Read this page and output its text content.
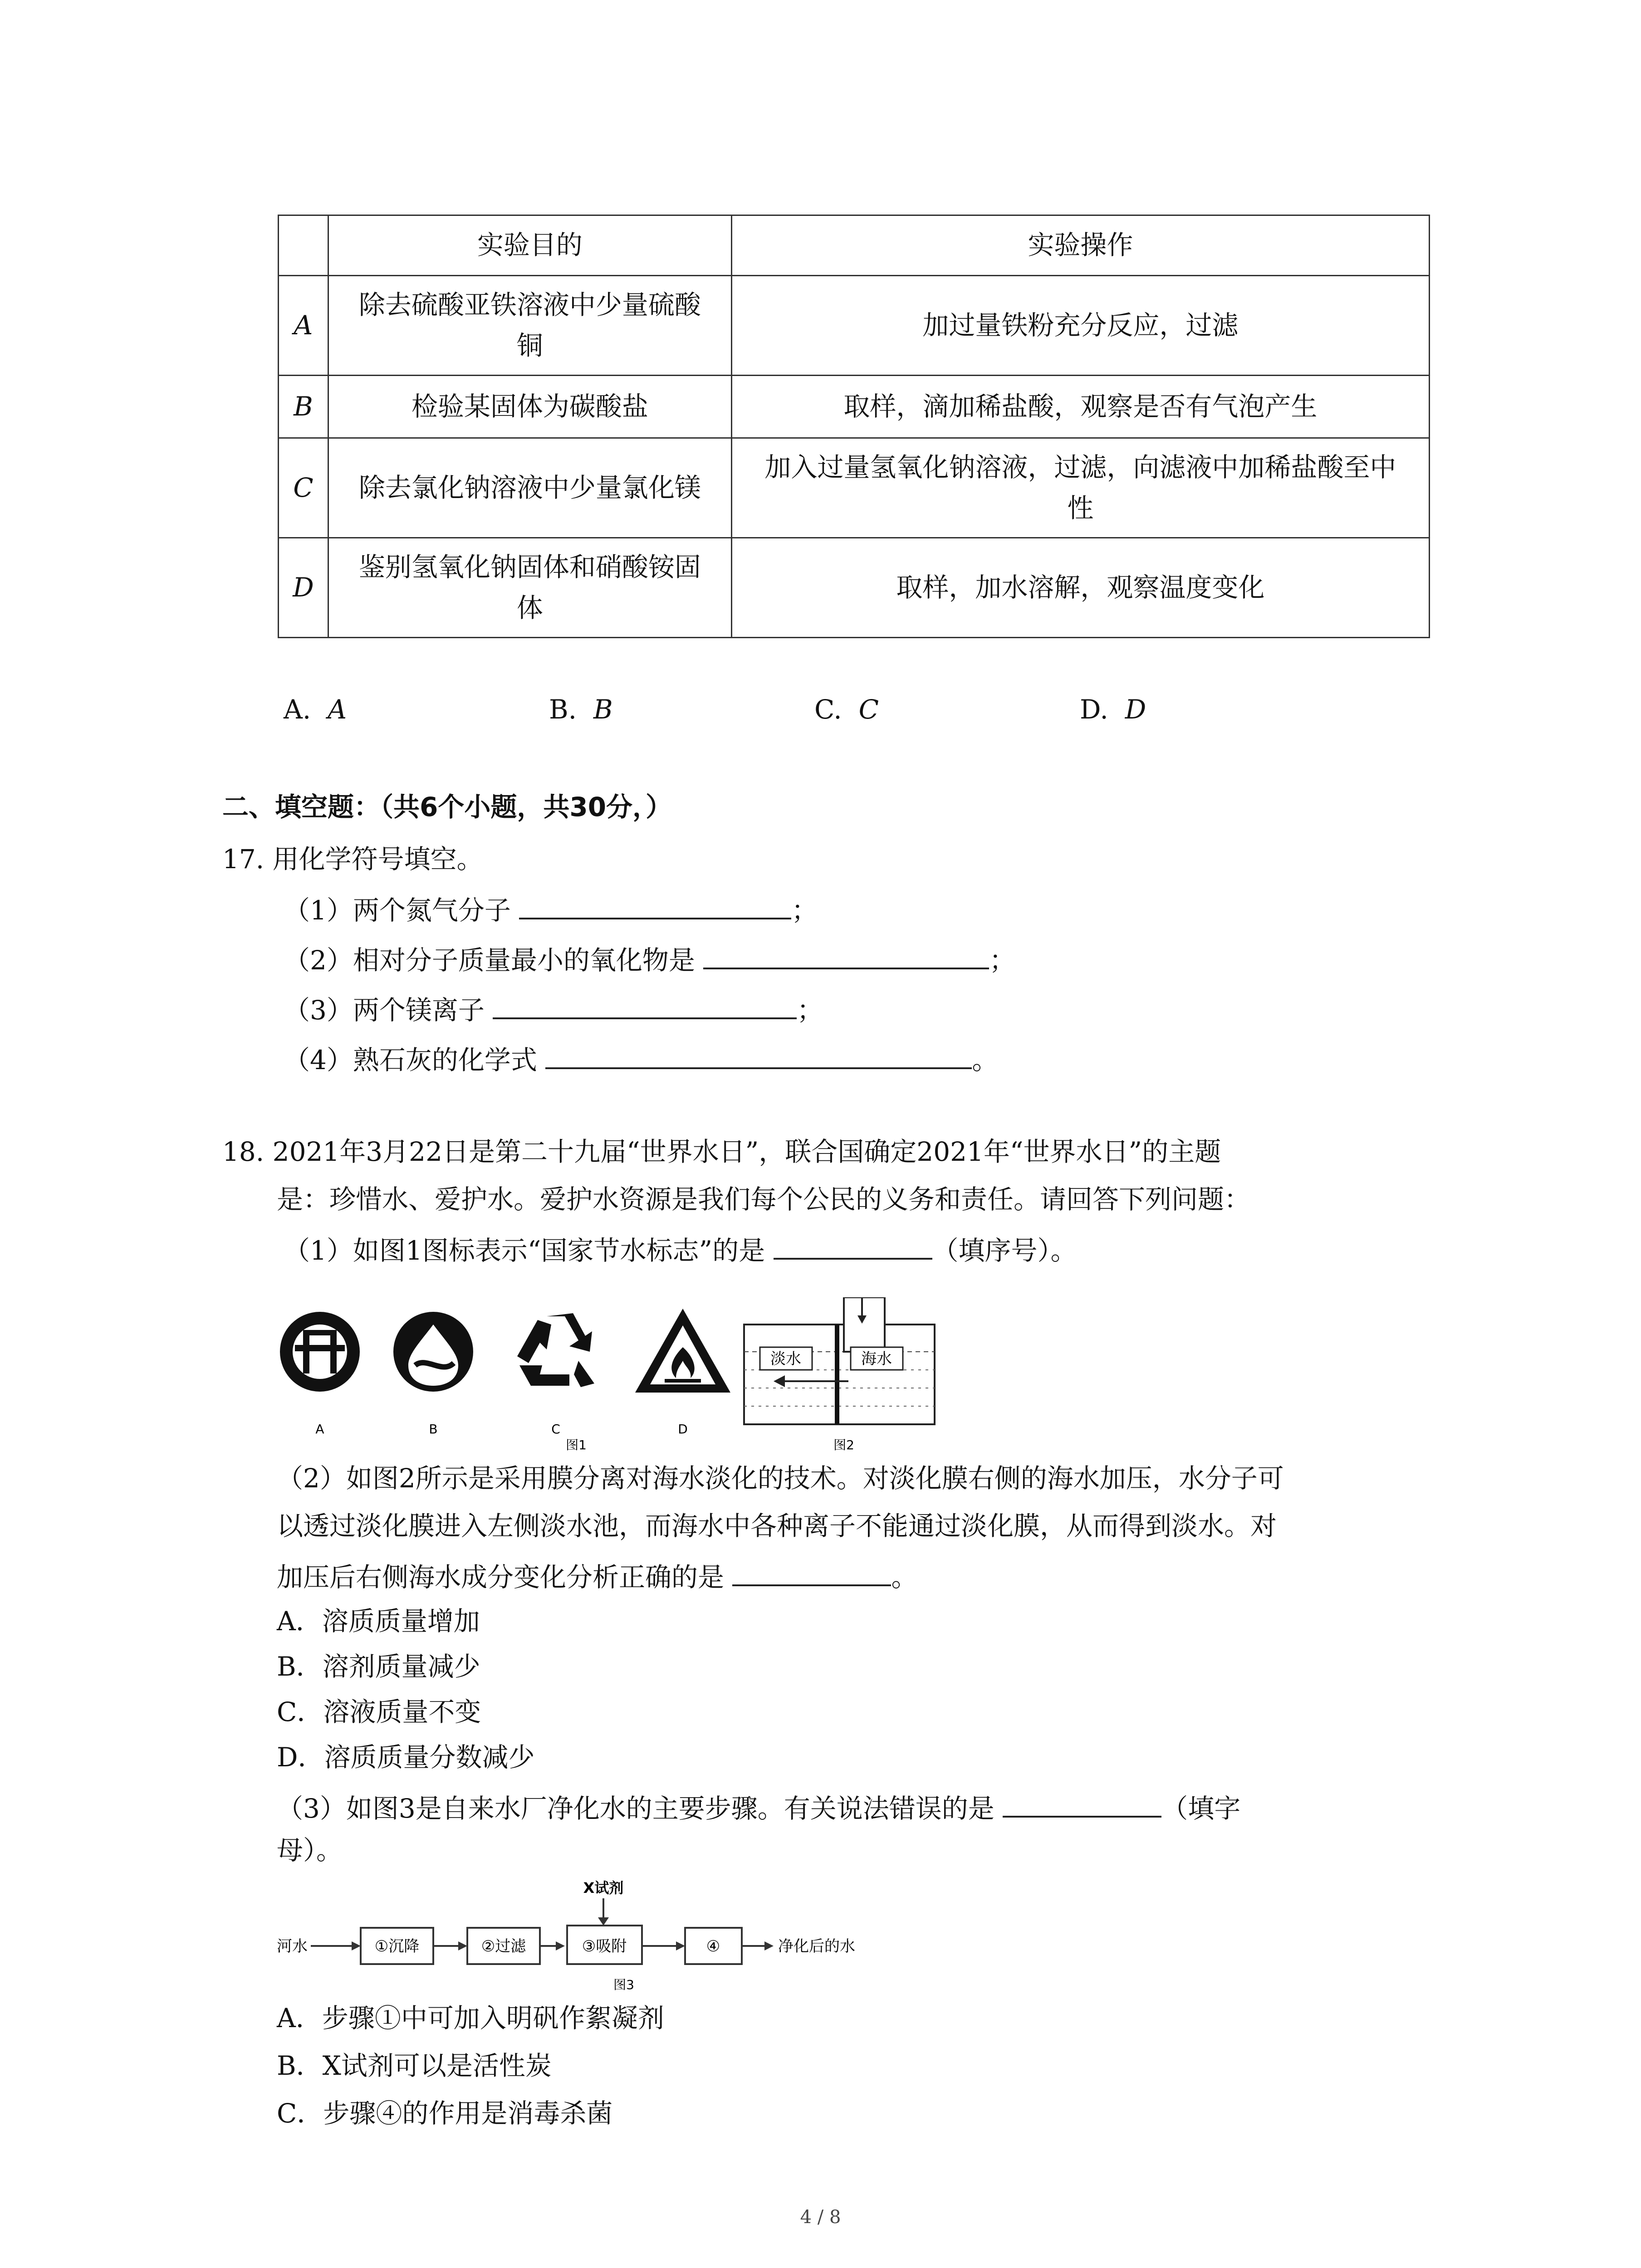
	实验目的	实验操作
A	除去硫酸亚铁溶液中少量硫酸铜	加过量铁粉充分反应，过滤
B	检验某固体为碳酸盐	取样，滴加稀盐酸，观察是否有气泡产生
C	除去氯化钠溶液中少量氯化镁	加入过量氢氧化钠溶液，过滤，向滤液中加稀盐酸至中性
D	鉴别氢氧化钠固体和硝酸铵固体	取样，加水溶解，观察温度变化
A. A	B. B	C. C	D. D
二、填空题：（共6个小题，共30分，）
17. 用化学符号填空。
（1）两个氮气分子	；
（2）相对分子质量最小的氧化物是	；
（3）两个镁离子	；
（4）熟石灰的化学式	。
18. 2021年3月22日是第二十九届“世界水日”，联合国确定2021年“世界水日”的主题
是：珍惜水、爱护水。爱护水资源是我们每个公民的义务和责任。请回答下列问题：
（1）如图1图标表示“国家节水标志”的是	（填序号）。
A	B	C	D
图1
淡水	海水
图2
（2）如图2所示是采用膜分离对海水淡化的技术。对淡化膜右侧的海水加压，水分子可
以透过淡化膜进入左侧淡水池，而海水中各种离子不能通过淡化膜，从而得到淡水。对
加压后右侧海水成分变化分析正确的是	。
A．溶质质量增加
B．溶剂质量减少
C．溶液质量不变
D．溶质质量分数减少
（3）如图3是自来水厂净化水的主要步骤。有关说法错误的是	（填字
母）。
X试剂
河水	①沉降	②过滤	③吸附	④	净化后的水
图3
A．步骤①中可加入明矾作絮凝剂
B．X试剂可以是活性炭
C．步骤④的作用是消毒杀菌
4 / 8
